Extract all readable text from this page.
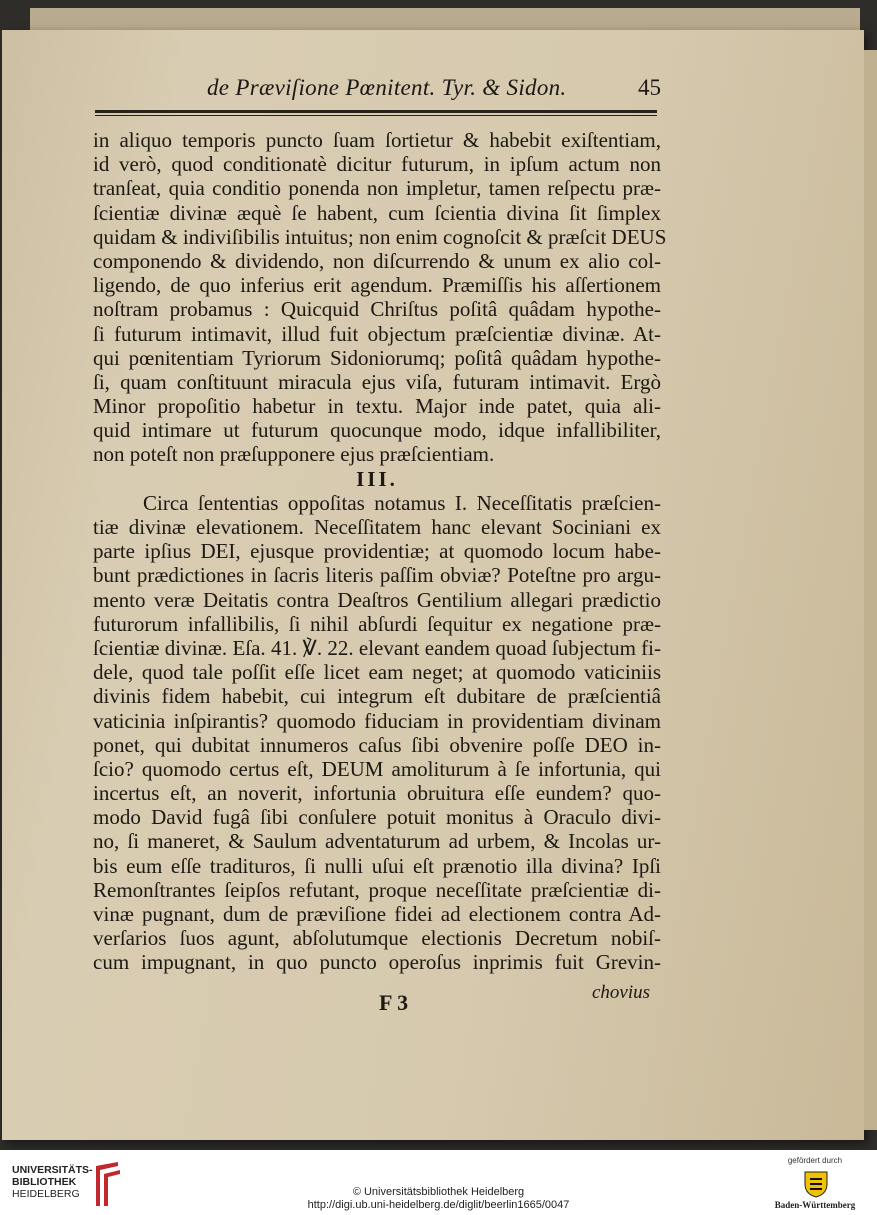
de Præviſione Pœnitent. Tyr. & Sidon.	45
in aliquo temporis puncto ſuam ſortietur & habebit exiſtentiam,
id verò, quod conditionatè dicitur futurum, in ipſum actum non
tranſeat, quia conditio ponenda non impletur, tamen reſpectu præ-
ſcientiæ divinæ æquè ſe habent, cum ſcientia divina ſit ſimplex
quidam & indiviſibilis intuitus; non enim cognoſcit & præſcit DEUS
componendo & dividendo, non diſcurrendo & unum ex alio col-
ligendo, de quo inferius erit agendum. Præmiſſis his aſſertionem
noſtram probamus : Quicquid Chriſtus poſitâ quâdam hypothe-
ſi futurum intimavit, illud fuit objectum præſcientiæ divinæ. At-
qui pœnitentiam Tyriorum Sidoniorumq; poſitâ quâdam hypothe-
ſi, quam conſtituunt miracula ejus viſa, futuram intimavit. Ergò
Minor propoſitio habetur in textu. Major inde patet, quia ali-
quid intimare ut futurum quocunque modo, idque infallibiliter,
non poteſt non præſupponere ejus præſcientiam.
III.
Circa ſententias oppoſitas notamus I. Neceſſitatis præſcien-
tiæ divinæ elevationem. Neceſſitatem hanc elevant Sociniani ex
parte ipſius DEI, ejusque providentiæ; at quomodo locum habe-
bunt prædictiones in ſacris literis paſſim obviæ? Poteſtne pro argu-
mento veræ Deitatis contra Deaſtros Gentilium allegari prædictio
futurorum infallibilis, ſi nihil abſurdi ſequitur ex negatione præ-
ſcientiæ divinæ. Eſa. 41. ℣. 22. elevant eandem quoad ſubjectum fi-
dele, quod tale poſſit eſſe licet eam neget; at quomodo vaticiniis
divinis fidem habebit, cui integrum eſt dubitare de præſcientiâ
vaticinia inſpirantis? quomodo fiduciam in providentiam divinam
ponet, qui dubitat innumeros caſus ſibi obvenire poſſe DEO in-
ſcio? quomodo certus eſt, DEUM amoliturum à ſe infortunia, qui
incertus eſt, an noverit, infortunia obruitura eſſe eundem? quo-
modo David fugâ ſibi conſulere potuit monitus à Oraculo divi-
no, ſi maneret, & Saulum adventaturum ad urbem, & Incolas ur-
bis eum eſſe tradituros, ſi nulli uſui eſt prænotio illa divina? Ipſi
Remonſtrantes ſeipſos refutant, proque neceſſitate præſcientiæ di-
vinæ pugnant, dum de præviſione fidei ad electionem contra Ad-
verſarios ſuos agunt, abſolutumque electionis Decretum nobiſ-
cum impugnant, in quo puncto operoſus inprimis fuit Grevin-
F 3	chovius
UNIVERSITÄTS-
BIBLIOTHEK
HEIDELBERG	© Universitätsbibliothek Heidelberg
http://digi.ub.uni-heidelberg.de/diglit/beerlin1665/0047
gefördert durch
Baden-Württemberg
